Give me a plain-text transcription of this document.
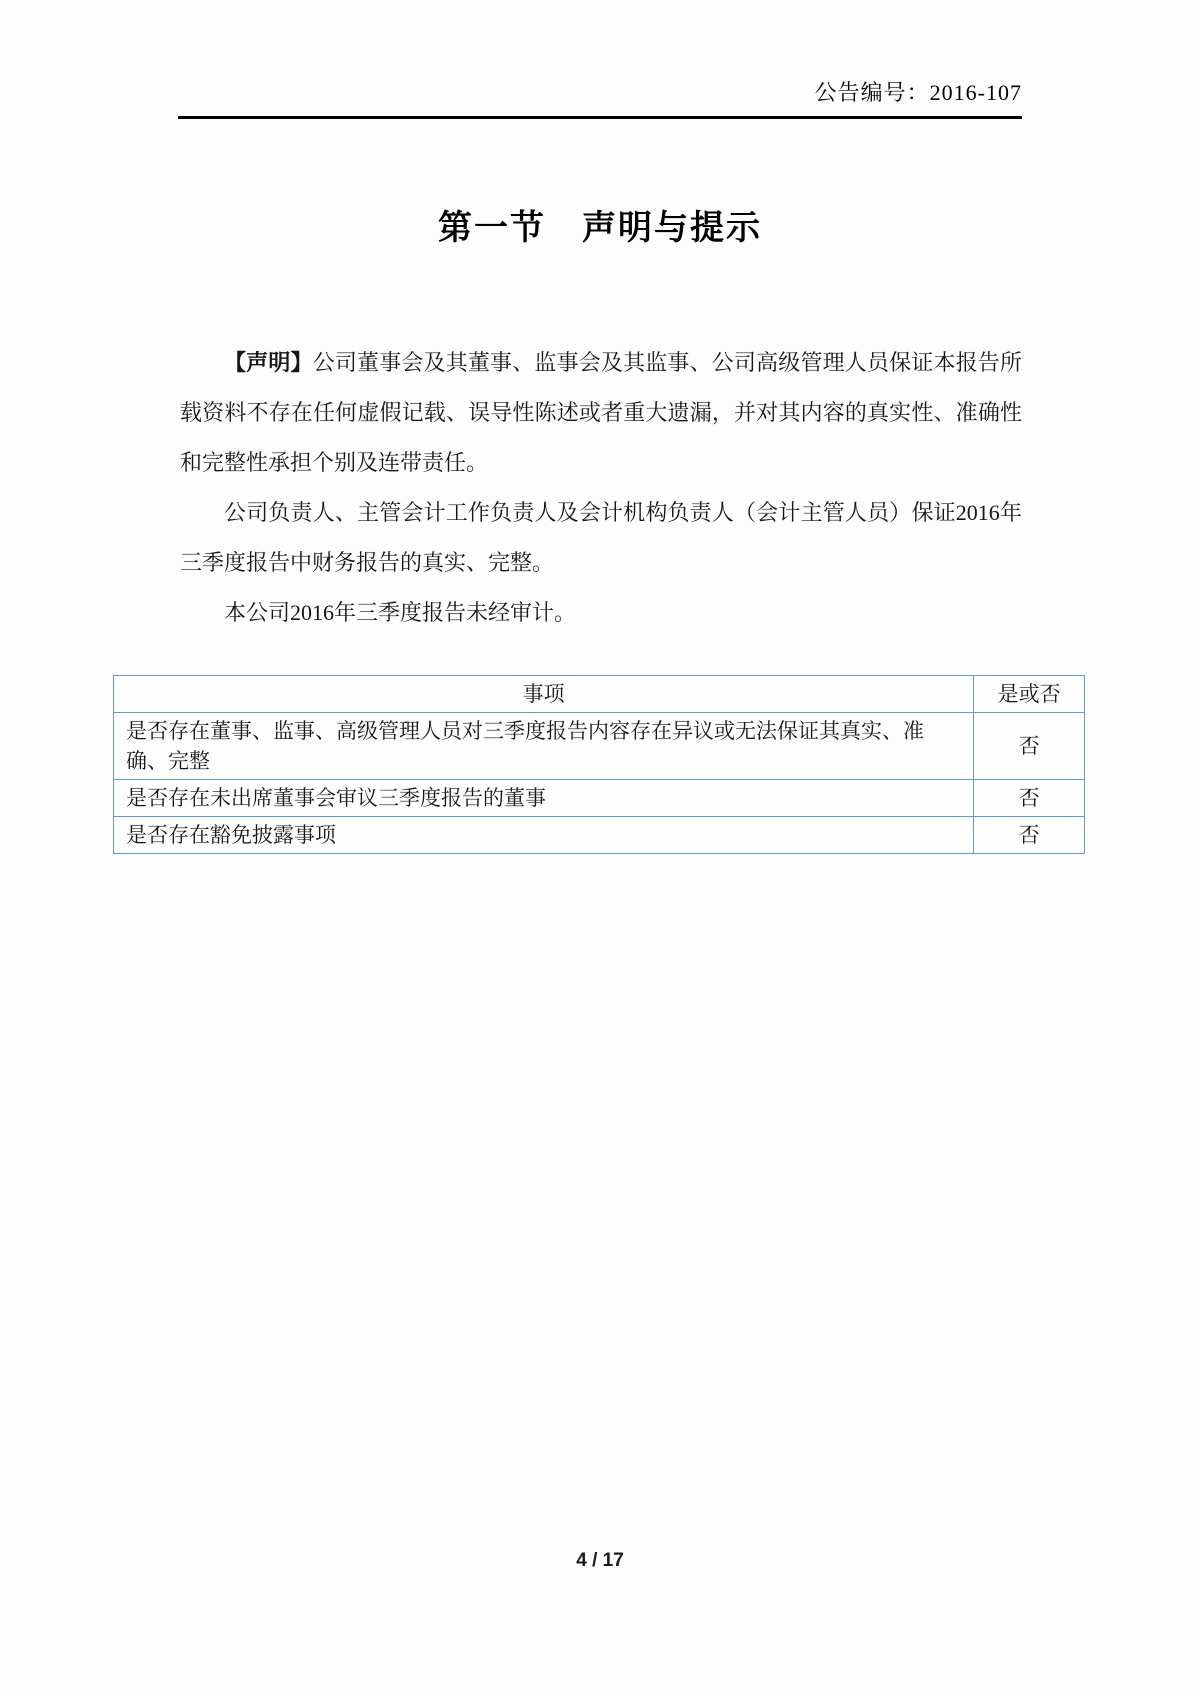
公告编号：2016-107
第一节　声明与提示

【声明】公司董事会及其董事、监事会及其监事、公司高级管理人员保证本报告所载资料不存在任何虚假记载、误导性陈述或者重大遗漏，并对其内容的真实性、准确性和完整性承担个别及连带责任。

公司负责人、主管会计工作负责人及会计机构负责人（会计主管人员）保证2016年三季度报告中财务报告的真实、完整。

本公司2016年三季度报告未经审计。

事项	是或否
是否存在董事、监事、高级管理人员对三季度报告内容存在异议或无法保证其真实、准确、完整	否
是否存在未出席董事会审议三季度报告的董事	否
是否存在豁免披露事项	否
4 / 17
